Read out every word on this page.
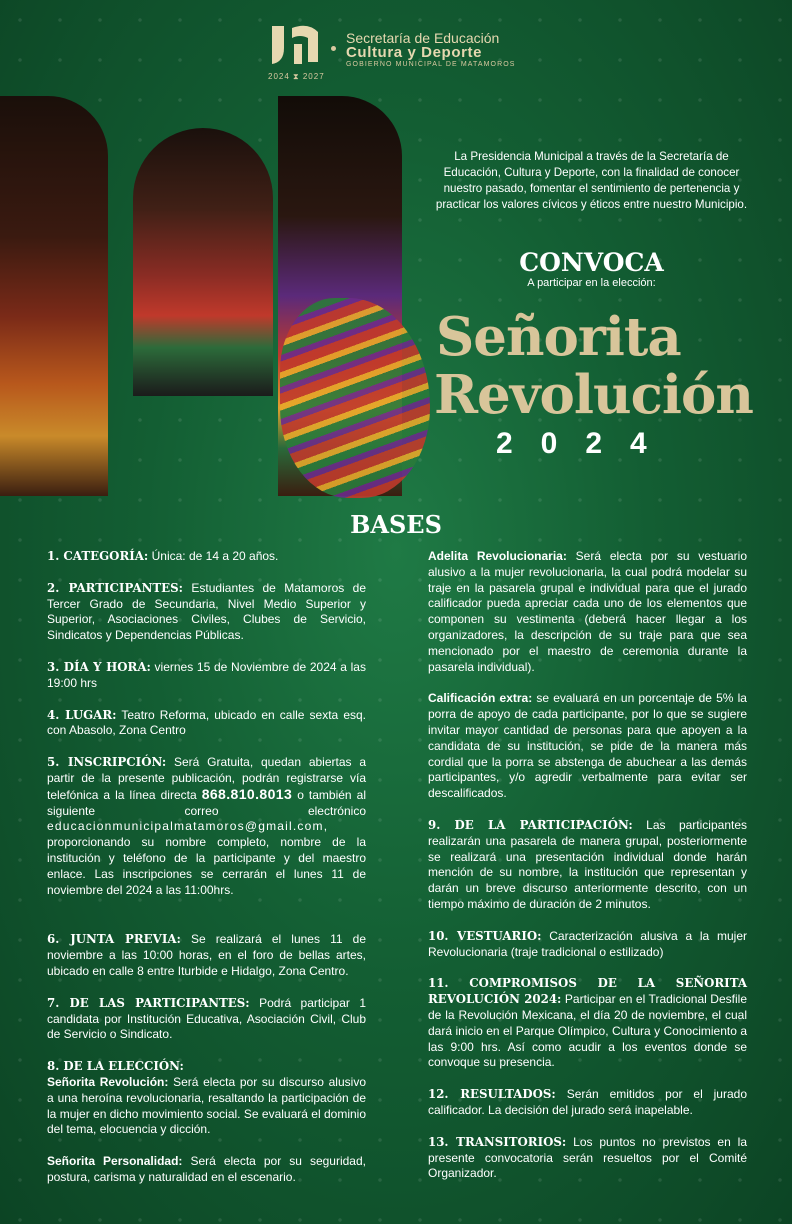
2024 ⧗ 2027
Secretaría de Educación
Cultura y Deporte
GOBIERNO MUNICIPAL DE MATAMOROS
La Presidencia Municipal a través de la Secretaría de Educación, Cultura y Deporte, con la finalidad de conocer nuestro pasado, fomentar el sentimiento de pertenencia y practicar los valores cívicos y éticos entre nuestro Municipio.
CONVOCA
A participar en la elección:
Señorita
Revolución
2024
BASES

1. CATEGORÍA: Única: de 14 a 20 años.

2. PARTICIPANTES: Estudiantes de Matamoros de Tercer Grado de Secundaria, Nivel Medio Superior y Superior, Asociaciones Civiles, Clubes de Servicio, Sindicatos y Dependencias Públicas.

3. DÍA Y HORA: viernes 15 de Noviembre de 2024 a las 19:00 hrs

4. LUGAR: Teatro Reforma, ubicado en calle sexta esq. con Abasolo, Zona Centro

5. INSCRIPCIÓN: Será Gratuita, quedan abiertas a partir de la presente publicación, podrán registrarse vía telefónica a la línea directa 868.810.8013 o también al siguiente correo electrónico educacionmunicipalmatamoros@gmail.com, proporcionando su nombre completo, nombre de la institución y teléfono de la participante y del maestro enlace. Las inscripciones se cerrarán el lunes 11 de noviembre del 2024 a las 11:00hrs.

6. JUNTA PREVIA: Se realizará el lunes 11 de noviembre a las 10:00 horas, en el foro de bellas artes, ubicado en calle 8 entre Iturbide e Hidalgo, Zona Centro.

7. DE LAS PARTICIPANTES: Podrá participar 1 candidata por Institución Educativa, Asociación Civil, Club de Servicio o Sindicato.

8. DE LA ELECCIÓN:
Señorita Revolución: Será electa por su discurso alusivo a una heroína revolucionaria, resaltando la participación de la mujer en dicho movimiento social. Se evaluará el dominio del tema, elocuencia y dicción.

Señorita Personalidad: Será electa por su seguridad, postura, carisma y naturalidad en el escenario.

Adelita Revolucionaria: Será electa por su vestuario alusivo a la mujer revolucionaria, la cual podrá modelar su traje en la pasarela grupal e individual para que el jurado calificador pueda apreciar cada uno de los elementos que componen su vestimenta (deberá hacer llegar a los organizadores, la descripción de su traje para que sea mencionado por el maestro de ceremonia durante la pasarela individual).

Calificación extra: se evaluará en un porcentaje de 5% la porra de apoyo de cada participante, por lo que se sugiere invitar mayor cantidad de personas para que apoyen a la candidata de su institución, se pide de la manera más cordial que la porra se abstenga de abuchear a las demás participantes, y/o agredir verbalmente para evitar ser descalificados.

9. DE LA PARTICIPACIÓN: Las participantes realizarán una pasarela de manera grupal, posteriormente se realizará una presentación individual donde harán mención de su nombre, la institución que representan y darán un breve discurso anteriormente descrito, con un tiempo máximo de duración de 2 minutos.

10. VESTUARIO: Caracterización alusiva a la mujer Revolucionaria (traje tradicional o estilizado)

11. COMPROMISOS DE LA SEÑORITA REVOLUCIÓN 2024: Participar en el Tradicional Desfile de la Revolución Mexicana, el día 20 de noviembre, el cual dará inicio en el Parque Olímpico, Cultura y Conocimiento a las 9:00 hrs. Así como acudir a los eventos donde se convoque su presencia.

12. RESULTADOS: Serán emitidos por el jurado calificador. La decisión del jurado será inapelable.

13. TRANSITORIOS: Los puntos no previstos en la presente convocatoria serán resueltos por el Comité Organizador.
